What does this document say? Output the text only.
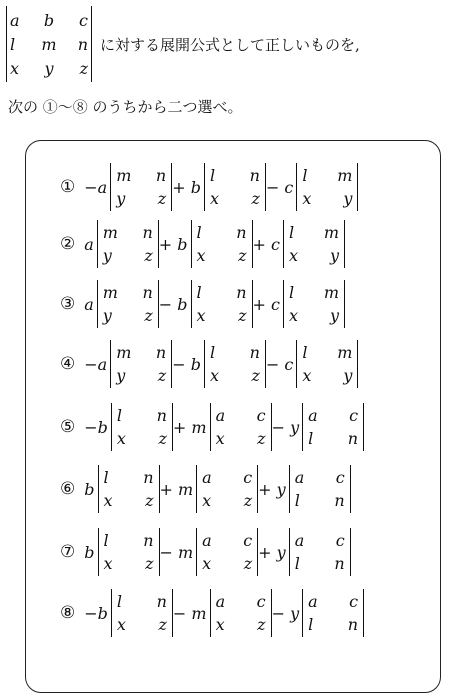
a	b	c
l	m	n
x	y	z
に対する展開公式として正しいものを,
次の ①〜⑧ のうちから二つ選べ。
① −a
m	n
y	z
+ b
l	n
x	z
− c
l	m
x	y
② a
m	n
y	z
+ b
l	n
x	z
+ c
l	m
x	y
③ a
m	n
y	z
− b
l	n
x	z
+ c
l	m
x	y
④ −a
m	n
y	z
− b
l	n
x	z
− c
l	m
x	y
⑤ −b
l	n
x	z
+ m
a	c
x	z
− y
a	c
l	n
⑥ b
l	n
x	z
+ m
a	c
x	z
+ y
a	c
l	n
⑦ b
l	n
x	z
− m
a	c
x	z
+ y
a	c
l	n
⑧ −b
l	n
x	z
− m
a	c
x	z
− y
a	c
l	n
